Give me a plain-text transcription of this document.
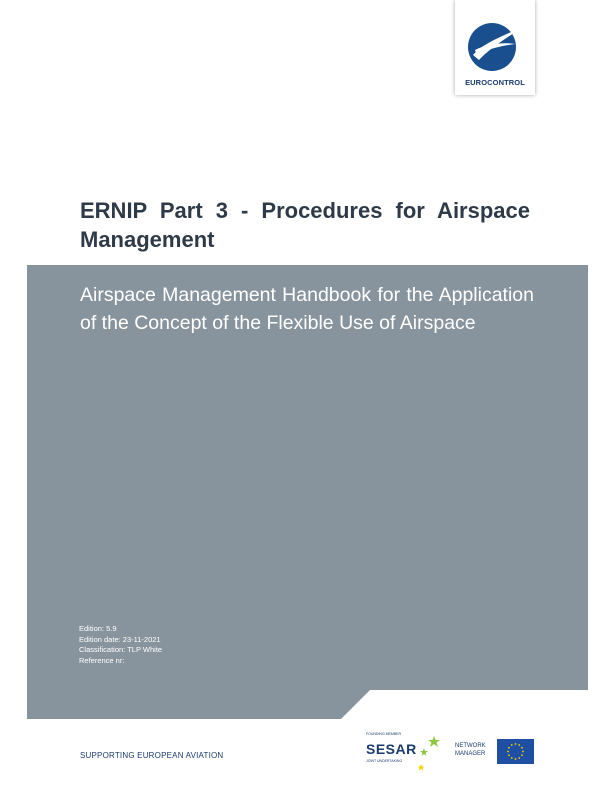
EUROCONTROL
ERNIP Part 3 - Procedures for Airspace Management

Airspace Management Handbook for the Application of the Concept of the Flexible Use of Airspace

Edition: 5.9
Edition date: 23-11-2021
Classification: TLP White
Reference nr:
SUPPORTING EUROPEAN AVIATION
FOUNDING MEMBER
SESAR
JOINT UNDERTAKING
NETWORK
MANAGER
